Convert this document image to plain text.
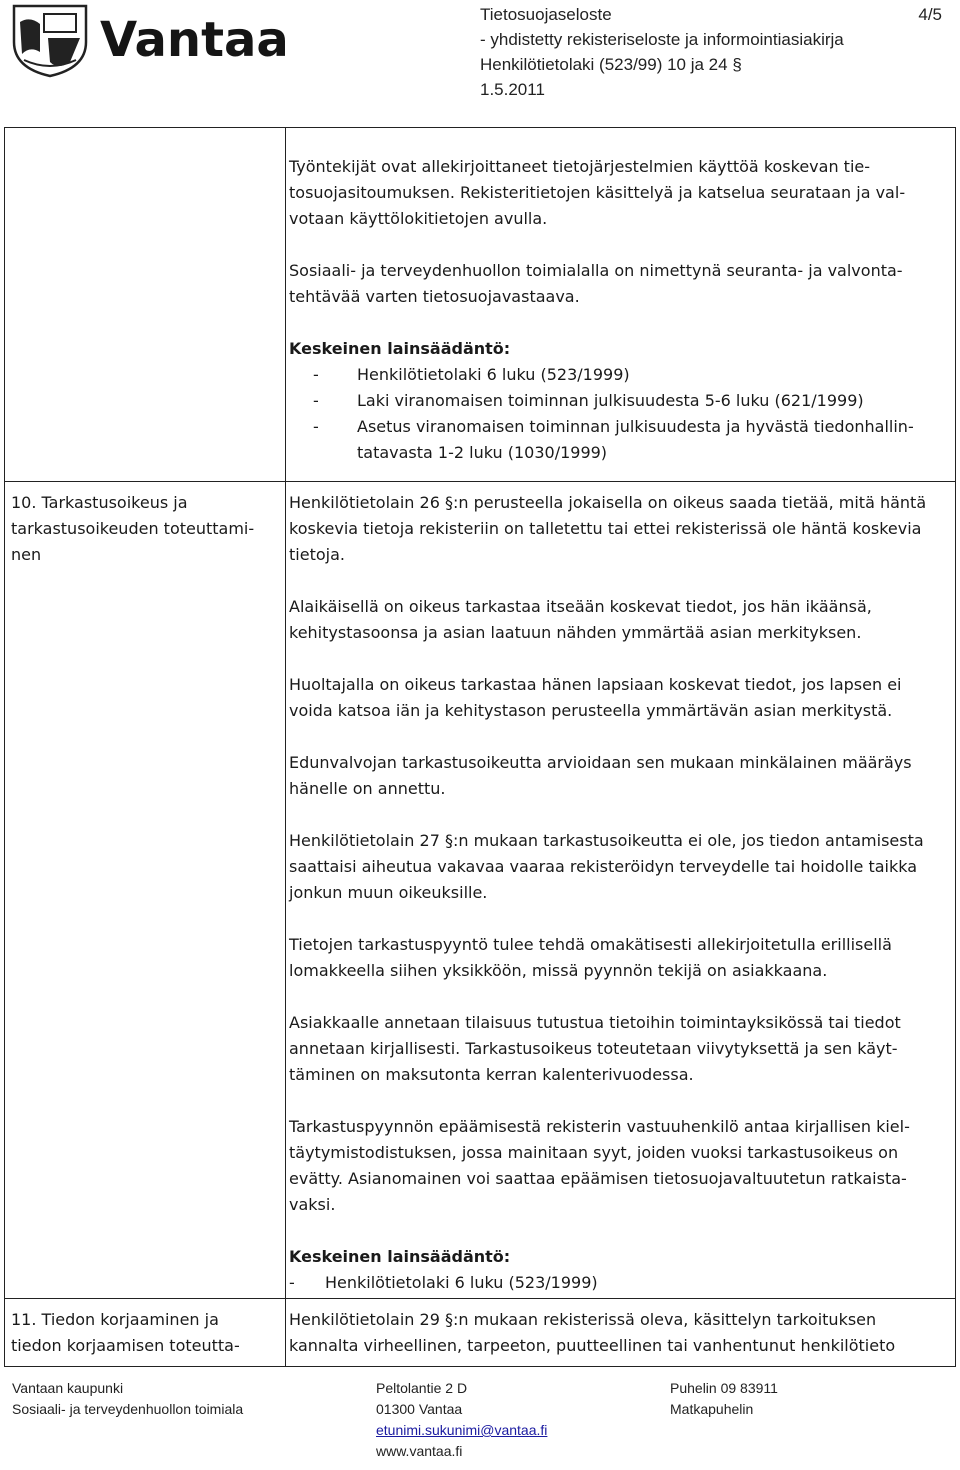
Vantaa	Tietosuojaseloste
- yhdistetty rekisteriseloste ja informointiasiakirja
Henkilötietolaki (523/99) 10 ja 24 §
1.5.2011
4/5

Työntekijät ovat allekirjoittaneet tietojärjestelmien käyttöä koskevan tietosuojasitoumuksen. Rekisteritietojen käsittelyä ja katselua seurataan ja valvotaan käyttölokitietojen avulla.

Sosiaali- ja terveydenhuollon toimialalla on nimettynä seuranta- ja valvontatehtävää varten tietosuojavastaava.

Keskeinen lainsäädäntö:
- Henkilötietolaki 6 luku (523/1999)
- Laki viranomaisen toiminnan julkisuudesta 5-6 luku (621/1999)
- Asetus viranomaisen toiminnan julkisuudesta ja hyvästä tiedonhallintatavasta 1-2 luku (1030/1999)
10. Tarkastusoikeus ja tarkastusoikeuden toteuttaminen

Henkilötietolain 26 §:n perusteella jokaisella on oikeus saada tietää, mitä häntä koskevia tietoja rekisteriin on talletettu tai ettei rekisterissä ole häntä koskevia tietoja.

Alaikäisellä on oikeus tarkastaa itseään koskevat tiedot, jos hän ikäänsä, kehitystasoonsa ja asian laatuun nähden ymmärtää asian merkityksen.

Huoltajalla on oikeus tarkastaa hänen lapsiaan koskevat tiedot, jos lapsen ei voida katsoa iän ja kehitystason perusteella ymmärtävän asian merkitystä.

Edunvalvojan tarkastusoikeutta arvioidaan sen mukaan minkälainen määräys hänelle on annettu.

Henkilötietolain 27 §:n mukaan tarkastusoikeutta ei ole, jos tiedon antamisesta saattaisi aiheutua vakavaa vaaraa rekisteröidyn terveydelle tai hoidolle taikka jonkun muun oikeuksille.

Tietojen tarkastuspyyntö tulee tehdä omakätisesti allekirjoitetulla erillisellä lomakkeella siihen yksikköön, missä pyynnön tekijä on asiakkaana.

Asiakkaalle annetaan tilaisuus tutustua tietoihin toimintayksikössä tai tiedot annetaan kirjallisesti. Tarkastusoikeus toteutetaan viivytyksettä ja sen käyttäminen on maksutonta kerran kalenterivuodessa.

Tarkastuspyynnön epäämisestä rekisterin vastuuhenkilö antaa kirjallisen kieltäytymistodistuksen, jossa mainitaan syyt, joiden vuoksi tarkastusoikeus on evätty. Asianomainen voi saattaa epäämisen tietosuojavaltuutetun ratkaistavaksi.

Keskeinen lainsäädäntö:
- Henkilötietolaki 6 luku (523/1999)
11. Tiedon korjaaminen ja tiedon korjaamisen toteutta-

Henkilötietolain 29 §:n mukaan rekisterissä oleva, käsittelyn tarkoituksen kannalta virheellinen, tarpeeton, puutteellinen tai vanhentunut henkilötieto

Vantaan kaupunki
Sosiaali- ja terveydenhuollon toimiala
Peltolantie 2 D
01300 Vantaa
etunimi.sukunimi@vantaa.fi
www.vantaa.fi
Puhelin 09 83911
Matkapuhelin
